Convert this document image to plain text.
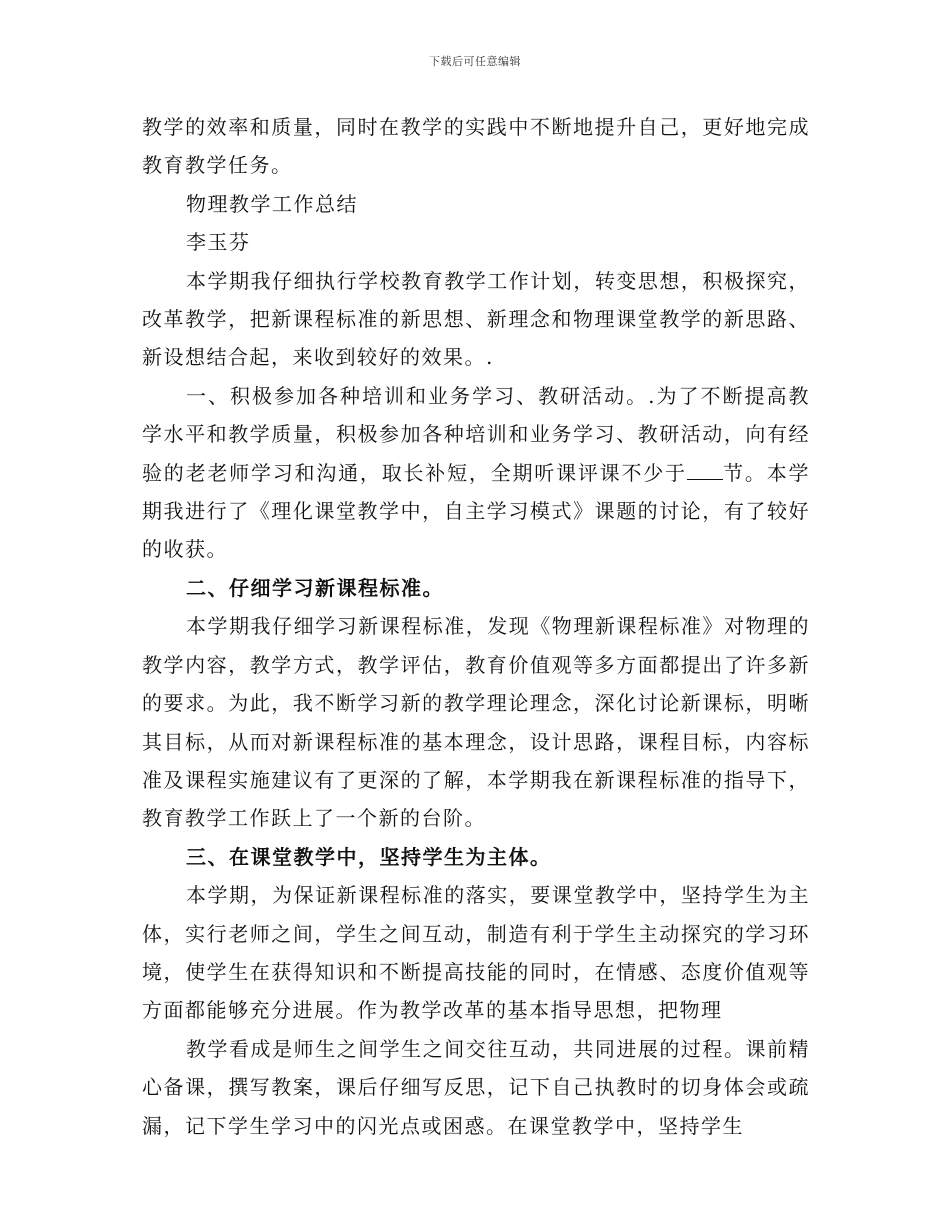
下载后可任意编辑

教学的效率和质量，同时在教学的实践中不断地提升自己，更好地完成教育教学任务。

物理教学工作总结

李玉芬

本学期我仔细执行学校教育教学工作计划，转变思想，积极探究，改革教学，把新课程标准的新思想、新理念和物理课堂教学的新思路、新设想结合起，来收到较好的效果。.

一、积极参加各种培训和业务学习、教研活动。.为了不断提高教学水平和教学质量，积极参加各种培训和业务学习、教研活动，向有经验的老老师学习和沟通，取长补短，全期听课评课不少于 节。本学期我进行了《理化课堂教学中，自主学习模式》课题的讨论，有了较好的收获。

二、仔细学习新课程标准。

本学期我仔细学习新课程标准，发现《物理新课程标准》对物理的教学内容，教学方式，教学评估，教育价值观等多方面都提出了许多新的要求。为此，我不断学习新的教学理论理念，深化讨论新课标，明晰其目标，从而对新课程标准的基本理念，设计思路，课程目标，内容标准及课程实施建议有了更深的了解，本学期我在新课程标准的指导下，教育教学工作跃上了一个新的台阶。

三、在课堂教学中，坚持学生为主体。

本学期，为保证新课程标准的落实，要课堂教学中，坚持学生为主体，实行老师之间，学生之间互动，制造有利于学生主动探究的学习环境，使学生在获得知识和不断提高技能的同时，在情感、态度价值观等方面都能够充分进展。作为教学改革的基本指导思想，把物理

教学看成是师生之间学生之间交往互动，共同进展的过程。课前精心备课，撰写教案，课后仔细写反思，记下自己执教时的切身体会或疏漏，记下学生学习中的闪光点或困惑。在课堂教学中，坚持学生
